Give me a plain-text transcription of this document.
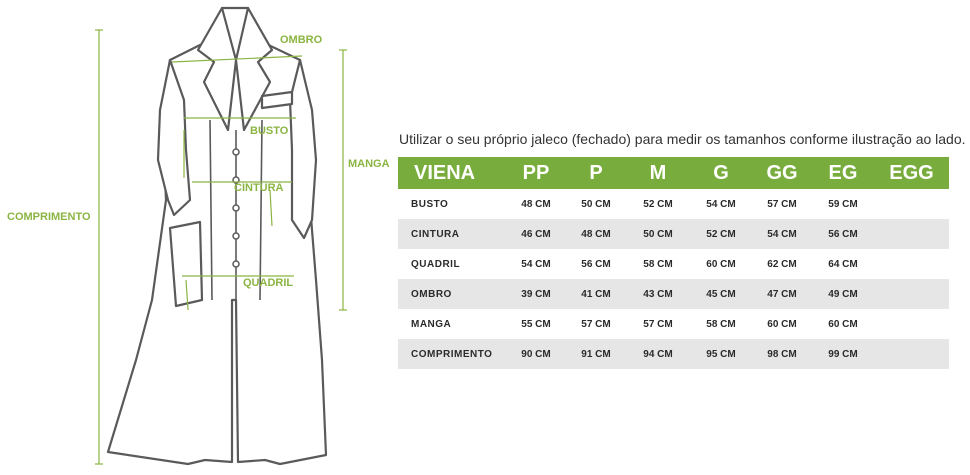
OMBRO
BUSTO
CINTURA
QUADRIL
MANGA
COMPRIMENTO
Utilizar o seu próprio jaleco (fechado) para medir os tamanhos conforme ilustração ao lado.
VIENA	PP	P	M	G	GG	EG	EGG
BUSTO	48 CM	50 CM	52 CM	54 CM	57 CM	59 CM	
CINTURA	46 CM	48 CM	50 CM	52 CM	54 CM	56 CM	
QUADRIL	54 CM	56 CM	58 CM	60 CM	62 CM	64 CM	
OMBRO	39 CM	41 CM	43 CM	45 CM	47 CM	49 CM	
MANGA	55 CM	57 CM	57 CM	58 CM	60 CM	60 CM	
COMPRIMENTO	90 CM	91 CM	94 CM	95 CM	98 CM	99 CM	
